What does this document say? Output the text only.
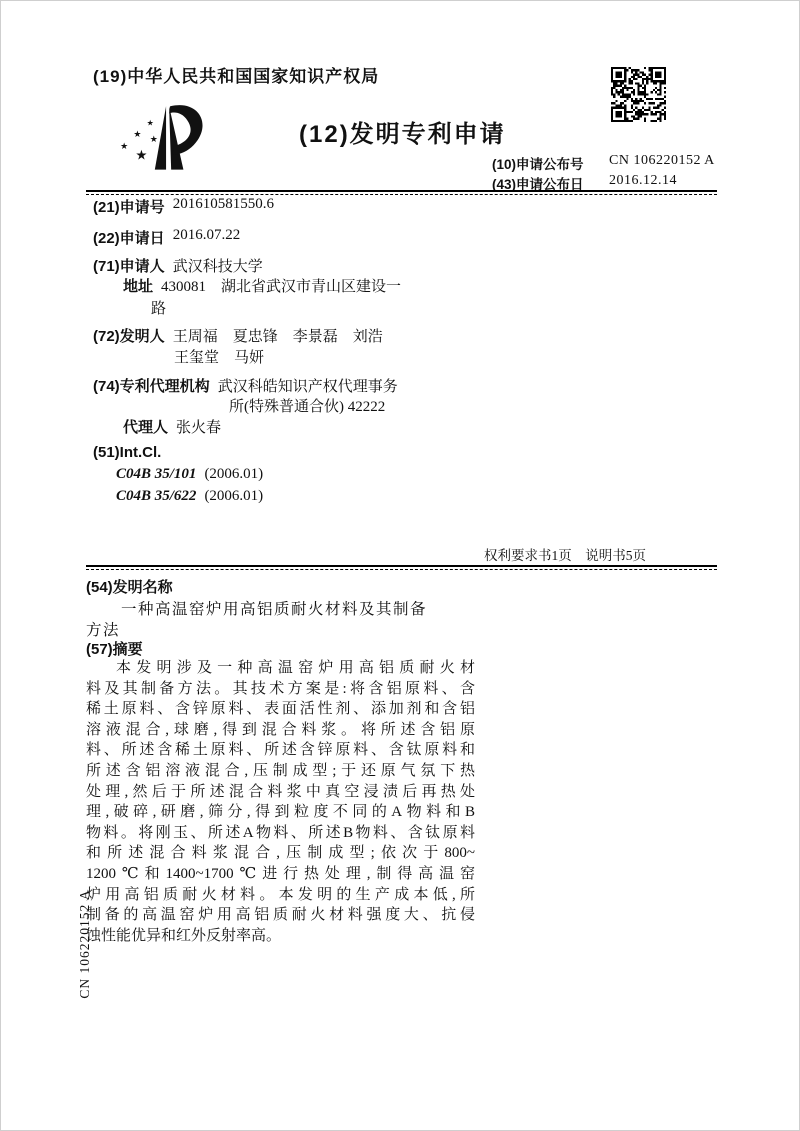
(19)中华人民共和国国家知识产权局
★
★
★
★
★
(12)发明专利申请
(10)申请公布号	CN 106220152 A
(43)申请公布日	2016.12.14
(21)申请号 201610581550.6
(22)申请日 2016.07.22
(71)申请人 武汉科技大学
地址 430081　湖北省武汉市青山区建设一
路
(72)发明人 王周福　夏忠锋　李景磊　刘浩
王玺堂　马妍
(74)专利代理机构 武汉科皓知识产权代理事务
所(特殊普通合伙) 42222
代理人 张火春
(51)Int.Cl.
C04B 35/101 (2006.01)
C04B 35/622 (2006.01)
权利要求书1页　说明书5页
(54)发明名称
一种高温窑炉用高铝质耐火材料及其制备
方法
(57)摘要
本发明涉及一种高温窑炉用高铝质耐火材
料及其制备方法。其技术方案是:将含铝原料、含
稀土原料、含锌原料、表面活性剂、添加剂和含铝
溶液混合,球磨,得到混合料浆。将所述含铝原
料、所述含稀土原料、所述含锌原料、含钛原料和
所述含铝溶液混合,压制成型;于还原气氛下热
处理,然后于所述混合料浆中真空浸渍后再热处
理,破碎,研磨,筛分,得到粒度不同的A物料和B
物料。将刚玉、所述A物料、所述B物料、含钛原料
和所述混合料浆混合,压制成型;依次于800~
1200℃和1400~1700℃进行热处理,制得高温窑
炉用高铝质耐火材料。本发明的生产成本低,所
制备的高温窑炉用高铝质耐火材料强度大、抗侵
蚀性能优异和红外反射率高。
CN 106220152 A
